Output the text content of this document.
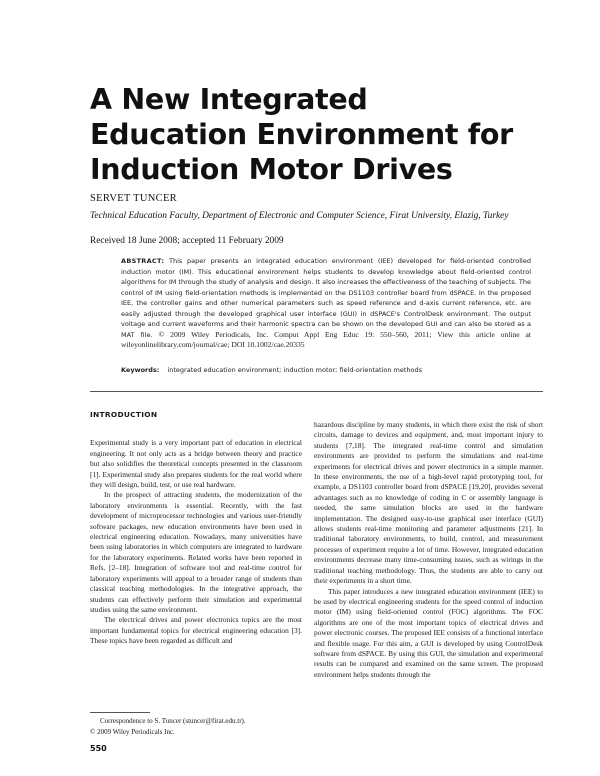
A New Integrated Education Environment for Induction Motor Drives

SERVET TUNCER

Technical Education Faculty, Department of Electronic and Computer Science, Firat University, Elazig, Turkey

Received 18 June 2008; accepted 11 February 2009

ABSTRACT: This paper presents an integrated education environment (IEE) developed for field-oriented controlled induction motor (IM). This educational environment helps students to develop knowledge about field-oriented control algorithms for IM through the study of analysis and design. It also increases the effectiveness of the teaching of subjects. The control of IM using field-orientation methods is implemented on the DS1103 controller board from dSPACE. In the proposed IEE, the controller gains and other numerical parameters such as speed reference and d-axis current reference, etc. are easily adjusted through the developed graphical user interface (GUI) in dSPACE's ControlDesk environment. The output voltage and current waveforms and their harmonic spectra can be shown on the developed GUI and can also be stored as a MAT file. © 2009 Wiley Periodicals, Inc. Comput Appl Eng Educ 19: 550–560, 2011; View this article online at wileyonlinelibrary.com/journal/cae; DOI 10.1002/cae.20335

Keywords: integrated education environment; induction motor; field-orientation methods

INTRODUCTION

Experimental study is a very important part of education in electrical engineering. It not only acts as a bridge between theory and practice but also solidifies the theoretical concepts presented in the classroom [1]. Experimental study also prepares students for the real world where they will design, build, test, or use real hardware.

In the prospect of attracting students, the modernization of the laboratory environments is essential. Recently, with the fast development of microprocessor technologies and various user-friendly software packages, new education environments have been used in electrical engineering education. Nowadays, many universities have been using laboratories in which computers are integrated to hardware for the laboratory experiments. Related works have been reported in Refs. [2–18]. Integration of software tool and real-time control for laboratory experiments will appeal to a broader range of students than classical teaching methodologies. In the integrative approach, the students can effectively perform their simulation and experimental studies using the same environment.

The electrical drives and power electronics topics are the most important fundamental topics for electrical engineering education [3]. These topics have been regarded as difficult and

hazardous discipline by many students, in which there exist the risk of short circuits, damage to devices and equipment, and, most important injury to students [7,18]. The integrated real-time control and simulation environments are provided to perform the simulations and real-time experiments for electrical drives and power electronics in a simple manner. In these environments, the use of a high-level rapid prototyping tool, for example, a DS1103 controller board from dSPACE [19,20], provides several advantages such as no knowledge of coding in C or assembly language is needed, the same simulation blocks are used in the hardware implementation. The designed easy-to-use graphical user interface (GUI) allows students real-time monitoring and parameter adjustments [21]. In traditional laboratory environments, to build, control, and measurement processes of experiment require a lot of time. However, integrated education environments decrease many time-consuming issues, such as wirings in the traditional teaching methodology. Thus, the students are able to carry out their experiments in a short time.

This paper introduces a new integrated education environment (IEE) to be used by electrical engineering students for the speed control of induction motor (IM) using field-oriented control (FOC) algorithms. The FOC algorithms are one of the most important topics of electrical drives and power electronic courses. The proposed IEE consists of a functional interface and flexible usage. For this aim, a GUI is developed by using ControlDesk software from dSPACE. By using this GUI, the simulation and experimental results can be compared and examined on the same screen. The proposed environment helps students through the

Correspondence to S. Tuncer (stuncer@firat.edu.tr).
© 2009 Wiley Periodicals Inc.
550
